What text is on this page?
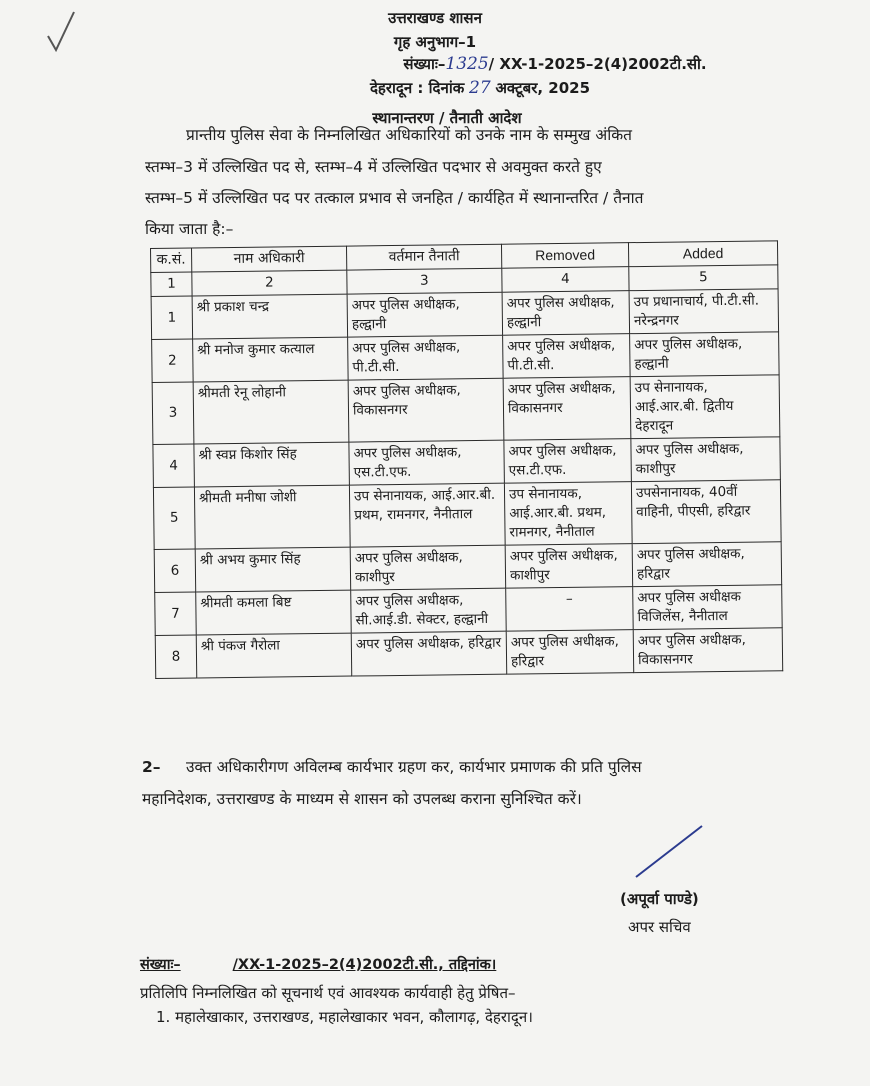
उत्तराखण्ड शासन
गृह अनुभाग–1
संख्याः–1325/ XX-1-2025–2(4)2002टी.सी.
देहरादून : दिनांक 27 अक्टूबर, 2025
स्थानान्तरण / तैनाती आदेश
प्रान्तीय पुलिस सेवा के निम्नलिखित अधिकारियों को उनके नाम के सम्मुख अंकित
स्तम्भ–3 में उल्लिखित पद से, स्तम्भ–4 में उल्लिखित पदभार से अवमुक्त करते हुए
स्तम्भ–5 में उल्लिखित पद पर तत्काल प्रभाव से जनहित / कार्यहित में स्थानान्तरित / तैनात
किया जाता है:–
क.सं.	नाम अधिकारी	वर्तमान तैनाती	Removed	Added
1	2	3	4	5
1	श्री प्रकाश चन्द्र	अपर पुलिस अधीक्षक, हल्द्वानी	अपर पुलिस अधीक्षक, हल्द्वानी	उप प्रधानाचार्य, पी.टी.सी. नरेन्द्रनगर
2	श्री मनोज कुमार कत्याल	अपर पुलिस अधीक्षक, पी.टी.सी.	अपर पुलिस अधीक्षक, पी.टी.सी.	अपर पुलिस अधीक्षक, हल्द्वानी
3	श्रीमती रेनू लोहानी	अपर पुलिस अधीक्षक, विकासनगर	अपर पुलिस अधीक्षक, विकासनगर	उप सेनानायक, आई.आर.बी. द्वितीय देहरादून
4	श्री स्वप्न किशोर सिंह	अपर पुलिस अधीक्षक, एस.टी.एफ.	अपर पुलिस अधीक्षक, एस.टी.एफ.	अपर पुलिस अधीक्षक, काशीपुर
5	श्रीमती मनीषा जोशी	उप सेनानायक, आई.आर.बी. प्रथम, रामनगर, नैनीताल	उप सेनानायक, आई.आर.बी. प्रथम, रामनगर, नैनीताल	उपसेनानायक, 40वीं वाहिनी, पीएसी, हरिद्वार
6	श्री अभय कुमार सिंह	अपर पुलिस अधीक्षक, काशीपुर	अपर पुलिस अधीक्षक, काशीपुर	अपर पुलिस अधीक्षक, हरिद्वार
7	श्रीमती कमला बिष्ट	अपर पुलिस अधीक्षक, सी.आई.डी. सेक्टर, हल्द्वानी	–	अपर पुलिस अधीक्षक विजिलेंस, नैनीताल
8	श्री पंकज गैरोला	अपर पुलिस अधीक्षक, हरिद्वार	अपर पुलिस अधीक्षक, हरिद्वार	अपर पुलिस अधीक्षक, विकासनगर
2–	उक्त अधिकारीगण अविलम्ब कार्यभार ग्रहण कर, कार्यभार प्रमाणक की प्रति पुलिस
महानिदेशक, उत्तराखण्ड के माध्यम से शासन को उपलब्ध कराना सुनिश्चित करें।
(अपूर्वा पाण्डे)
अपर सचिव
संख्याः–	/XX-1-2025–2(4)2002टी.सी., तद्दिनांक।
प्रतिलिपि निम्नलिखित को सूचनार्थ एवं आवश्यक कार्यवाही हेतु प्रेषित–
1. महालेखाकार, उत्तराखण्ड, महालेखाकार भवन, कौलागढ़, देहरादून।
